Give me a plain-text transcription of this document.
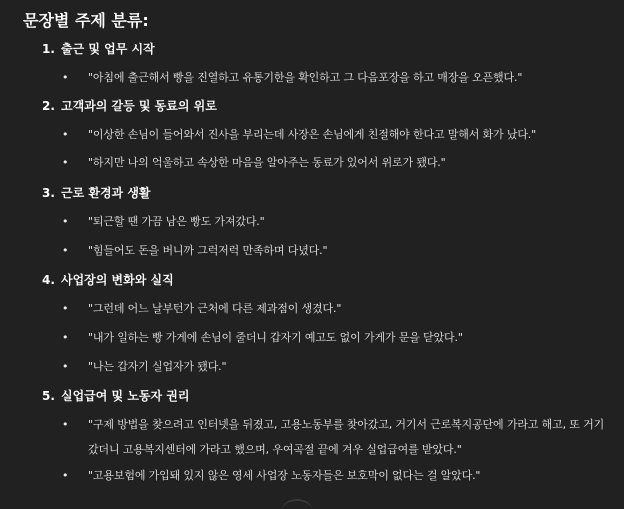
문장별 주제 분류:
1. 출근 및 업무 시작
•	"아침에 출근해서 빵을 진열하고 유통기한을 확인하고 그 다음포장을 하고 매장을 오픈했다."
2. 고객과의 갈등 및 동료의 위로
•	"이상한 손님이 들어와서 진사을 부리는데 사장은 손님에게 친절해야 한다고 말해서 화가 났다."
•	"하지만 나의 억울하고 속상한 마음을 알아주는 동료가 있어서 위로가 됐다."
3. 근로 환경과 생활
•	"퇴근할 땐 가끔 남은 빵도 가져갔다."
•	"힘들어도 돈을 버니까 그럭저럭 만족하며 다녔다."
4. 사업장의 변화와 실직
•	"그런데 어느 날부턴가 근처에 다른 제과점이 생겼다."
•	"내가 일하는 빵 가게에 손님이 줄더니 갑자기 예고도 없이 가게가 문을 닫았다."
•	"나는 갑자기 실업자가 됐다."
5. 실업급여 및 노동자 권리
•	"구제 방법을 찾으려고 인터넷을 뒤졌고, 고용노동부를 찾아갔고, 거기서 근로복지공단에 가라고 해고, 또 거기 갔더니 고용복지센터에 가라고 했으며, 우여곡절 끝에 겨우 실업급여를 받았다."
•	"고용보험에 가입돼 있지 않은 영세 사업장 노동자들은 보호막이 없다는 걸 알았다."
